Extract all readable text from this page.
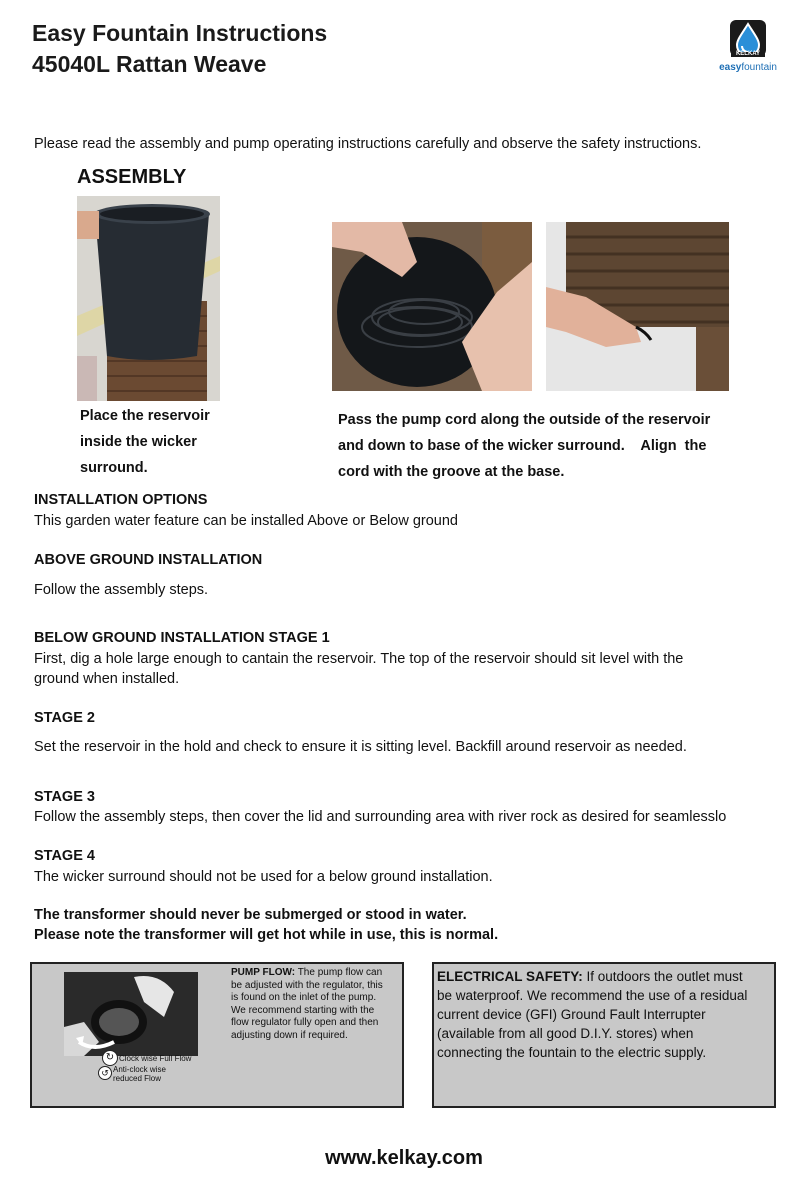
Easy Fountain Instructions
45040L Rattan Weave	KELKAY
easyfountain
Please read the assembly and pump operating instructions carefully and observe the safety instructions.
ASSEMBLY
Place the reservoir
inside the wicker
surround.
Pass the pump cord along the outside of the reservoir
and down to base of the wicker surround.    Align  the
cord with the groove at the base.
INSTALLATION OPTIONS
This garden water feature can be installed Above or Below ground
ABOVE GROUND INSTALLATION
Follow the assembly steps.
BELOW GROUND INSTALLATION STAGE 1
First, dig a hole large enough to cantain the reservoir. The top of the reservoir should sit level with the
ground when installed.
STAGE 2
Set the reservoir in the hold and check to ensure it is sitting level. Backfill around reservoir as needed.
STAGE 3
Follow the assembly steps, then cover the lid and surrounding area with river rock as desired for seamlesslo
STAGE 4
The wicker surround should not be used for a below ground installation.
The transformer should never be submerged or stood in water.
Please note the transformer will get hot while in use, this is normal.
↻ Clock wise Full Flow
↺ Anti-clock wise
reduced Flow
PUMP FLOW: The pump flow can
be adjusted with the regulator, this
is found on the inlet of the pump.
We recommend starting with the
flow regulator fully open and then
adjusting down if required.
ELECTRICAL SAFETY: If outdoors the outlet must
be waterproof. We recommend the use of a residual
current device (GFI) Ground Fault Interrupter
(available from all good D.I.Y. stores) when
connecting the fountain to the electric supply.
www.kelkay.com
